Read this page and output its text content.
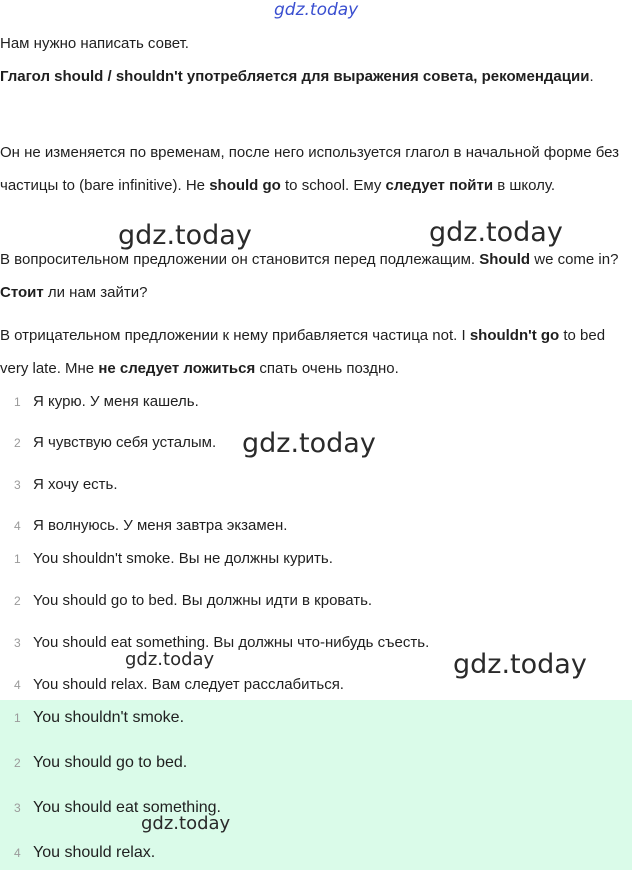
gdz.today

Нам нужно написать совет.

Глагол should / shouldn't употребляется для выражения совета, рекомендации.

Он не изменяется по временам, после него используется глагол в начальной форме без частицы to (bare infinitive). Не should go to school. Ему следует пойти в школу.

В вопросительном предложении он становится перед подлежащим. Should we come in? Стоит ли нам зайти?

В отрицательном предложении к нему прибавляется частица not. I shouldn't go to bed very late. Мне не следует ложиться спать очень поздно.

1 Я курю. У меня кашель.
2 Я чувствую себя усталым.
3 Я хочу есть.
4 Я волнуюсь. У меня завтра экзамен.
1 You shouldn't smoke. Вы не должны курить.
2 You should go to bed. Вы должны идти в кровать.
3 You should eat something. Вы должны что-нибудь съесть.
4 You should relax. Вам следует расслабиться.
1 You shouldn't smoke.
2 You should go to bed.
3 You should eat something.
4 You should relax.
gdz.today	gdz.today
gdz.today
gdz.today	gdz.today
gdz.today
